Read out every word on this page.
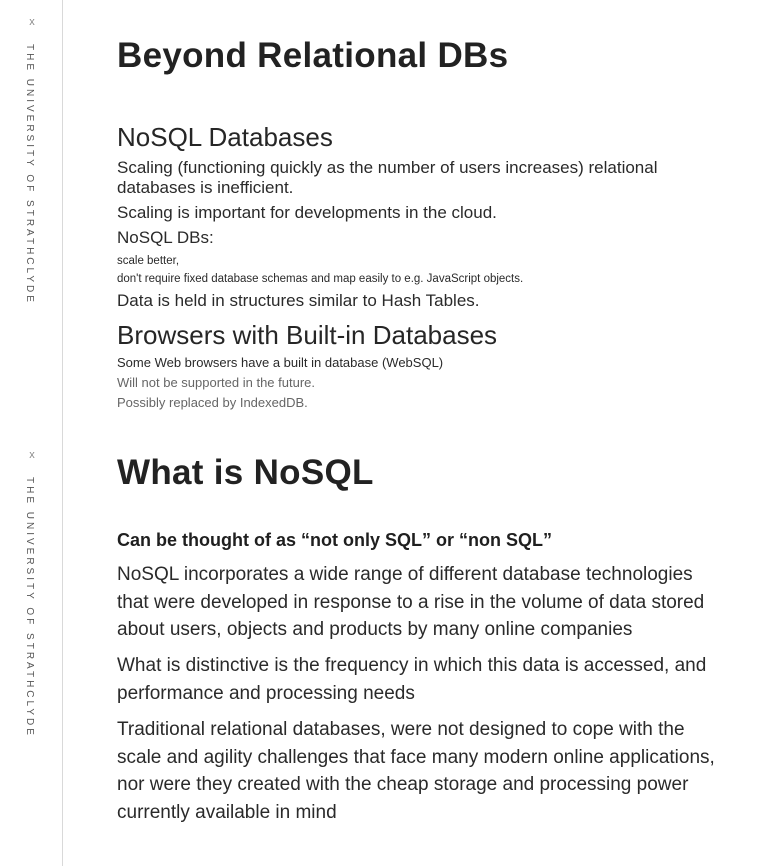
x
THE UNIVERSITY OF STRATHCLYDE
x
THE UNIVERSITY OF STRATHCLYDE
Beyond Relational DBs
NoSQL Databases

Scaling (functioning quickly as the number of users increases) relational databases is inefficient.

Scaling is important for developments in the cloud.

NoSQL DBs:

scale better,

don't require fixed database schemas and map easily to e.g. JavaScript objects.

Data is held in structures similar to Hash Tables.

Browsers with Built-in Databases

Some Web browsers have a built in database (WebSQL)

Will not be supported in the future.

Possibly replaced by IndexedDB.

What is NoSQL

Can be thought of as “not only SQL” or “non SQL”

NoSQL incorporates a wide range of different database technologies that were developed in response to a rise in the volume of data stored about users, objects and products by many online companies

What is distinctive is the frequency in which this data is accessed, and performance and processing needs

Traditional relational databases, were not designed to cope with the scale and agility challenges that face many modern online applications, nor were they created with the cheap storage and processing power currently available in mind
